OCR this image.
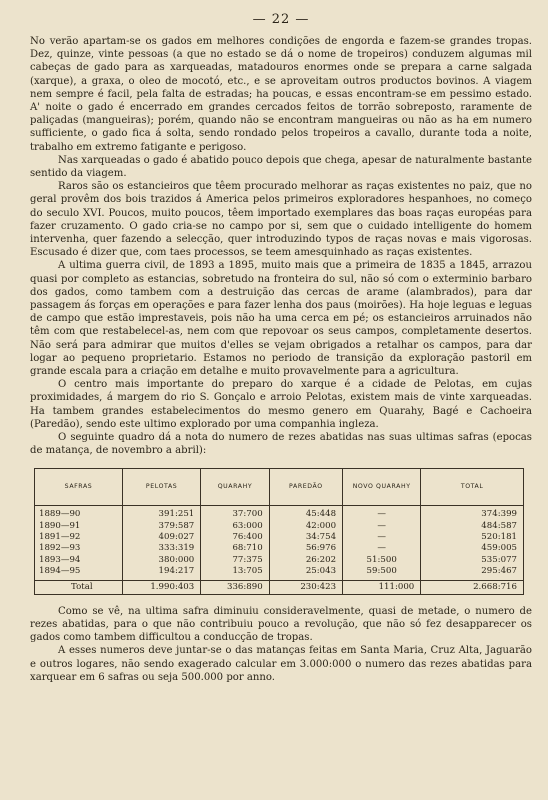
— 22 —

No verão apartam-se os gados em melhores condições de engorda e fazem-se grandes tropas. Dez, quinze, vinte pessoas (a que no estado se dá o nome de tropeiros) conduzem algumas mil cabeças de gado para as xarqueadas, matadouros enormes onde se prepara a carne salgada (xarque), a graxa, o oleo de mocotó, etc., e se aproveitam outros productos bovinos. A viagem nem sempre é facil, pela falta de estradas; ha poucas, e essas encontram-se em pessimo estado. A' noite o gado é encerrado em grandes cercados feitos de torrão sobreposto, raramente de paliçadas (mangueiras); porém, quando não se encontram mangueiras ou não as ha em numero sufficiente, o gado fica á solta, sendo rondado pelos tropeiros a cavallo, durante toda a noite, trabalho em extremo fatigante e perigoso.

Nas xarqueadas o gado é abatido pouco depois que chega, apesar de naturalmente bastante sentido da viagem.

Raros são os estancieiros que têem procurado melhorar as raças existentes no paiz, que no geral provêm dos bois trazidos á America pelos primeiros exploradores hespanhoes, no começo do seculo XVI. Poucos, muito poucos, têem importado exemplares das boas raças européas para fazer cruzamento. O gado cria-se no campo por si, sem que o cuidado intelligente do homem intervenha, quer fazendo a selecção, quer introduzindo typos de raças novas e mais vigorosas. Escusado é dizer que, com taes processos, se teem amesquinhado as raças existentes.

A ultima guerra civil, de 1893 a 1895, muito mais que a primeira de 1835 a 1845, arrazou quasi por completo as estancias, sobretudo na fronteira do sul, não só com o exterminio barbaro dos gados, como tambem com a destruição das cercas de arame (alambrados), para dar passagem ás forças em operações e para fazer lenha dos paus (moirões). Ha hoje leguas e leguas de campo que estão imprestaveis, pois não ha uma cerca em pé; os estancieiros arruinados não têm com que restabelecel-as, nem com que repovoar os seus campos, completamente desertos. Não será para admirar que muitos d'elles se vejam obrigados a retalhar os campos, para dar logar ao pequeno proprietario. Estamos no periodo de transição da exploração pastoril em grande escala para a criação em detalhe e muito provavelmente para a agricultura.

O centro mais importante do preparo do xarque é a cidade de Pelotas, em cujas proximidades, á margem do rio S. Gonçalo e arroio Pelotas, existem mais de vinte xarqueadas. Ha tambem grandes estabelecimentos do mesmo genero em Quarahy, Bagé e Cachoeira (Paredão), sendo este ultimo explorado por uma companhia ingleza.

O seguinte quadro dá a nota do numero de rezes abatidas nas suas ultimas safras (epocas de matança, de novembro a abril):

SAFRAS	PELOTAS	QUARAHY	PAREDÃO	NOVO QUARAHY	TOTAL
1889—90	391:251	37:700	45:448	—	374:399
1890—91	379:587	63:000	42:000	—	484:587
1891—92	409:027	76:400	34:754	—	520:181
1892—93	333:319	68:710	56:976	—	459:005
1893—94	380:000	77:375	26:202	51:500	535:077
1894—95	194:217	13:705	25:043	59:500	295:467
Total	1.990:403	336:890	230:423	111:000	2.668:716

Como se vê, na ultima safra diminuiu consideravelmente, quasi de metade, o numero de rezes abatidas, para o que não contribuiu pouco a revolução, que não só fez desapparecer os gados como tambem difficultou a conducção de tropas.

A esses numeros deve juntar-se o das matanças feitas em Santa Maria, Cruz Alta, Jaguarão e outros logares, não sendo exagerado calcular em 3.000:000 o numero das rezes abatidas para xarquear em 6 safras ou seja 500.000 por anno.
